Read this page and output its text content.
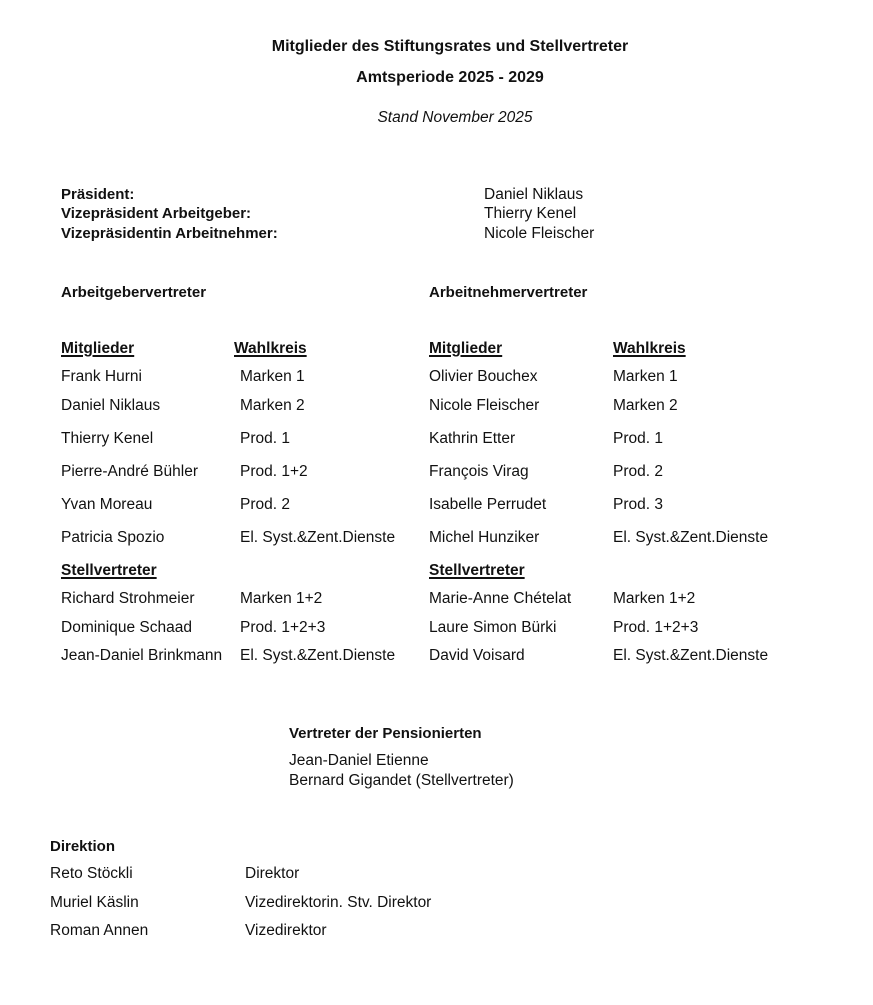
Mitglieder des Stiftungsrates und Stellvertreter
Amtsperiode 2025 - 2029
Stand November 2025
Präsident:	Daniel Niklaus
Vizepräsident Arbeitgeber:	Thierry Kenel
Vizepräsidentin Arbeitnehmer:	Nicole Fleischer
Arbeitgebervertreter
Mitglieder	Wahlkreis
Frank Hurni	Marken 1
Daniel Niklaus	Marken 2
Thierry Kenel	Prod. 1
Pierre-André Bühler	Prod. 1+2
Yvan Moreau	Prod. 2
Patricia Spozio	El. Syst.&Zent.Dienste
Stellvertreter
Richard Strohmeier	Marken 1+2
Dominique Schaad	Prod. 1+2+3
Jean-Daniel Brinkmann El. Syst.&Zent.Dienste
Arbeitnehmervertreter
Mitglieder	Wahlkreis
Olivier Bouchex	Marken 1
Nicole Fleischer	Marken 2
Kathrin Etter	Prod. 1
François Virag	Prod. 2
Isabelle Perrudet	Prod. 3
Michel Hunziker	El. Syst.&Zent.Dienste
Stellvertreter
Marie-Anne Chételat	Marken 1+2
Laure Simon Bürki	Prod. 1+2+3
David Voisard	El. Syst.&Zent.Dienste
Vertreter der Pensionierten
Jean-Daniel Etienne
Bernard Gigandet (Stellvertreter)
Direktion
Reto Stöckli	Direktor
Muriel Käslin	Vizedirektorin. Stv. Direktor
Roman Annen	Vizedirektor
